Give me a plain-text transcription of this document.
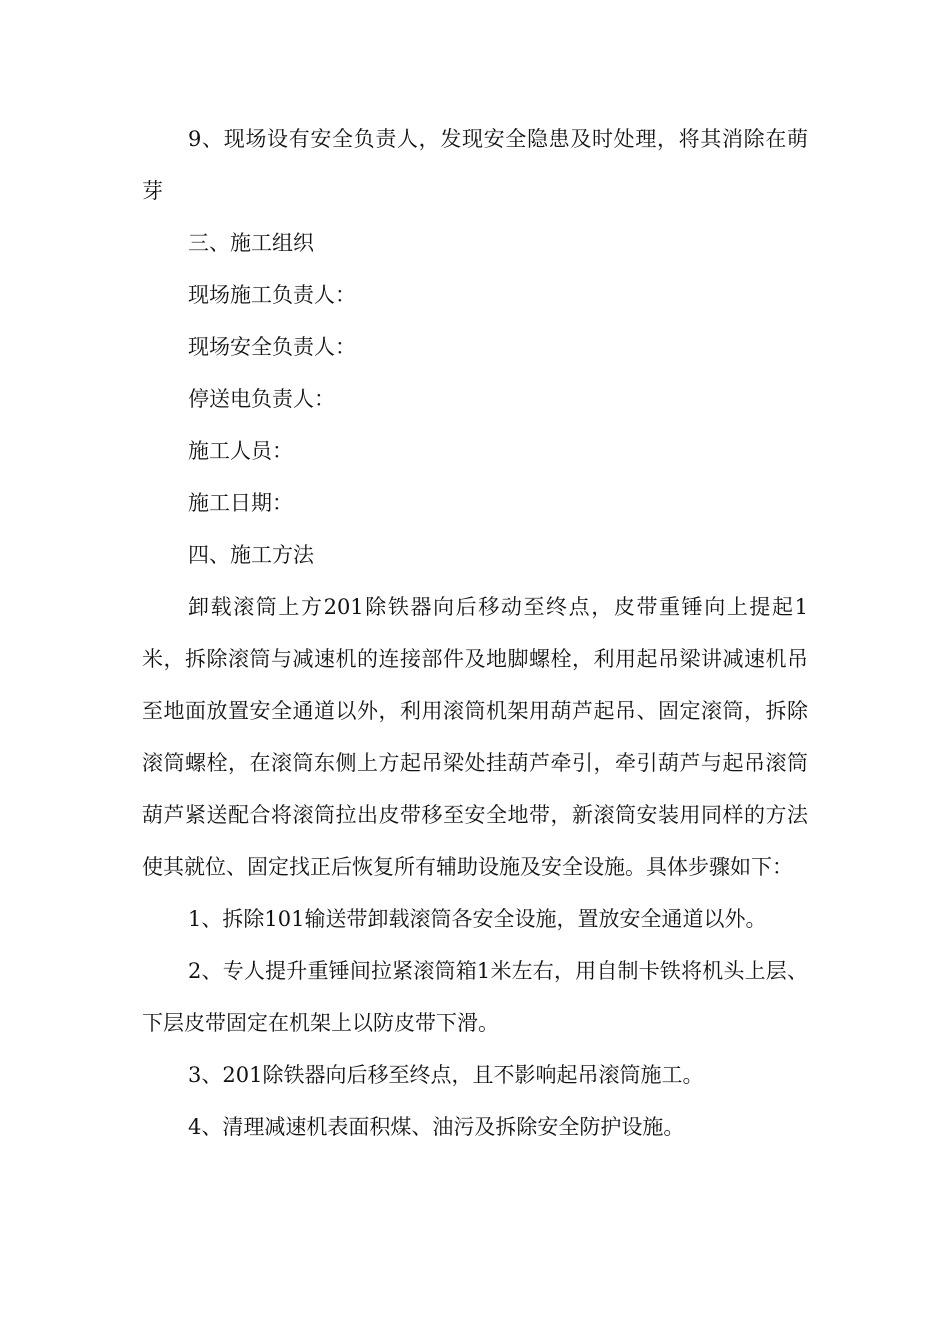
9、现场设有安全负责人，发现安全隐患及时处理，将其消除在萌芽

三、施工组织

现场施工负责人：

现场安全负责人：

停送电负责人：

施工人员：

施工日期：

四、施工方法

卸载滚筒上方201除铁器向后移动至终点，皮带重锤向上提起1米，拆除滚筒与减速机的连接部件及地脚螺栓，利用起吊梁讲减速机吊至地面放置安全通道以外，利用滚筒机架用葫芦起吊、固定滚筒，拆除滚筒螺栓，在滚筒东侧上方起吊梁处挂葫芦牵引，牵引葫芦与起吊滚筒葫芦紧送配合将滚筒拉出皮带移至安全地带，新滚筒安装用同样的方法使其就位、固定找正后恢复所有辅助设施及安全设施。具体步骤如下：

1、拆除101输送带卸载滚筒各安全设施，置放安全通道以外。

2、专人提升重锤间拉紧滚筒箱1米左右，用自制卡铁将机头上层、下层皮带固定在机架上以防皮带下滑。

3、201除铁器向后移至终点，且不影响起吊滚筒施工。

4、清理减速机表面积煤、油污及拆除安全防护设施。
